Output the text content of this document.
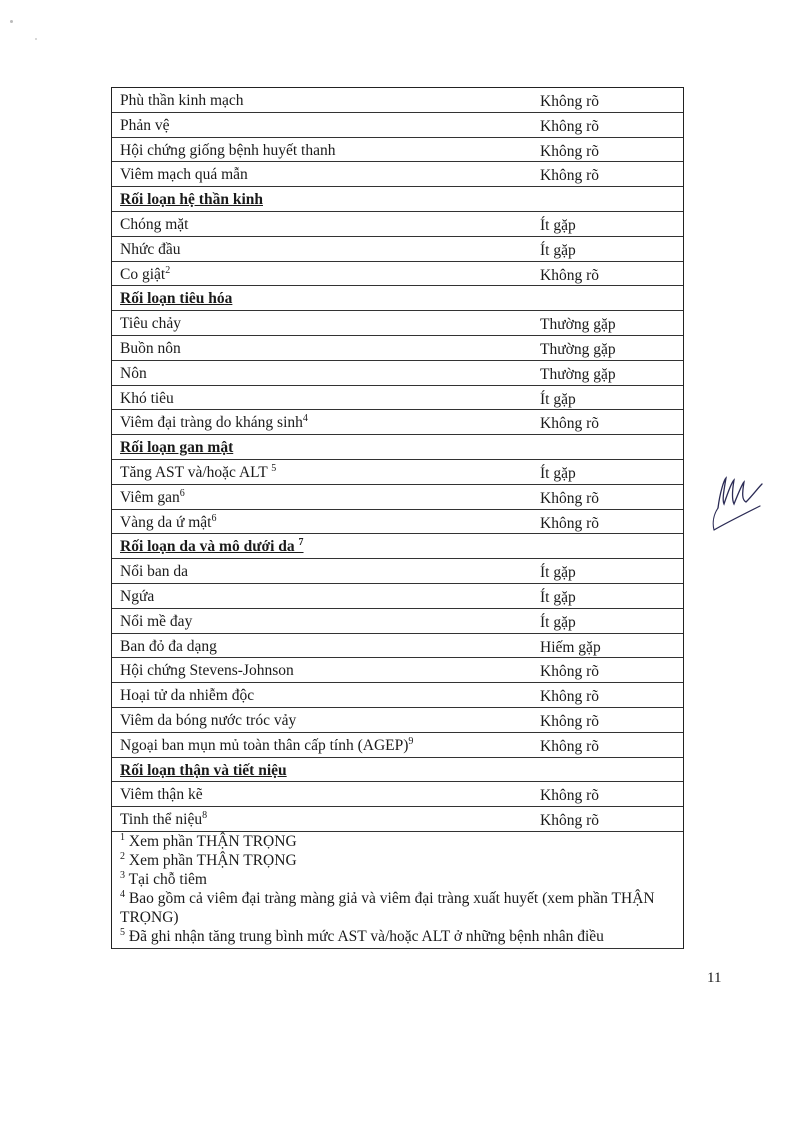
Phù thần kinh mạch	Không rõ
Phản vệ	Không rõ
Hội chứng giống bệnh huyết thanh	Không rõ
Viêm mạch quá mẫn	Không rõ
Rối loạn hệ thần kinh
Chóng mặt	Ít gặp
Nhức đầu	Ít gặp
Co giật$^2$	Không rõ
Rối loạn tiêu hóa
Tiêu chảy	Thường gặp
Buồn nôn	Thường gặp
Nôn	Thường gặp
Khó tiêu	Ít gặp
Viêm đại tràng do kháng $\sinh^4$	Không rõ
Rối loạn gan mật
Tăng AST và/hoặc ALT $^5$	Ít gặp
Viêm gan$^6$	Không rõ
Vàng da ứ mật$^6$	Không rõ
Rối loạn da và mô dưới da $^7$
Nổi ban da	Ít gặp
Ngứa	Ít gặp
Nổi mề đay	Ít gặp
Ban đỏ đa dạng	Hiếm gặp
Hội chứng Stevens-Johnson	Không rõ
Hoại tử da nhiễm độc	Không rõ
Viêm da bóng nước tróc vảy	Không rõ
Ngoại ban mụn mủ toàn thân cấp tính (AGEP)$^9$	Không rõ
Rối loạn thận và tiết niệu
Viêm thận kẽ	Không rõ
Tinh thể niệu$^8$	Không rõ
$^1$ Xem phần THẬN TRỌNG
$^2$ Xem phần THẬN TRỌNG
$^3$ Tại chỗ tiêm
$^4$ Bao gồm cả viêm đại tràng màng giả và viêm đại tràng xuất huyết (xem phần THẬN TRỌNG)
$^5$ Đã ghi nhận tăng trung bình mức AST và/hoặc ALT ở những bệnh nhân điều
11
